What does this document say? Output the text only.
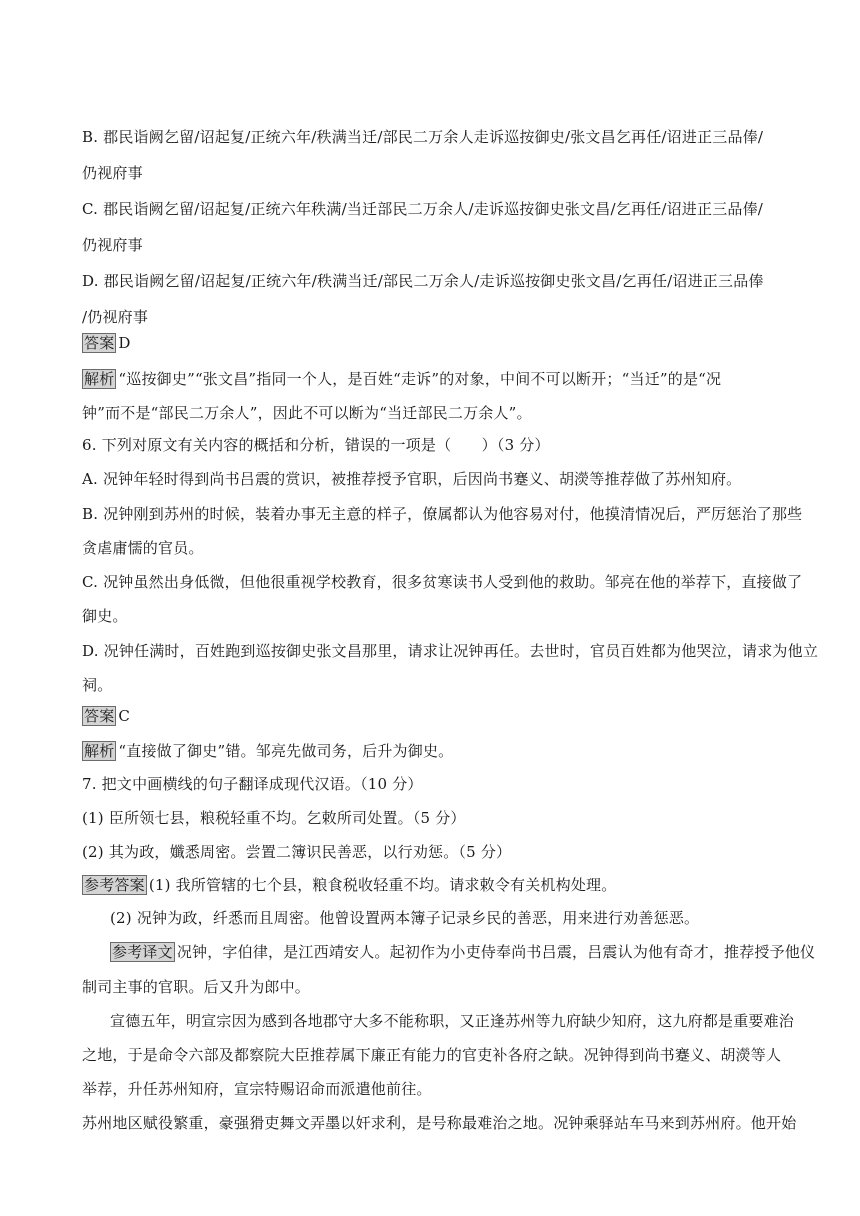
B. 郡民诣阙乞留/诏起复/正统六年/秩满当迁/部民二万余人走诉巡按御史/张文昌乞再任/诏进正三品俸/
仍视府事
C. 郡民诣阙乞留/诏起复/正统六年秩满/当迁部民二万余人/走诉巡按御史张文昌/乞再任/诏进正三品俸/
仍视府事
D. 郡民诣阙乞留/诏起复/正统六年/秩满当迁/部民二万余人/走诉巡按御史张文昌/乞再任/诏进正三品俸
/仍视府事
答案 D
解析 “巡按御史”“张文昌”指同一个人，是百姓“走诉”的对象，中间不可以断开；“当迁”的是“况
钟”而不是“部民二万余人”，因此不可以断为“当迁部民二万余人”。
6. 下列对原文有关内容的概括和分析，错误的一项是（　　）（3 分）
A. 况钟年轻时得到尚书吕震的赏识，被推荐授予官职，后因尚书蹇义、胡濙等推荐做了苏州知府。
B. 况钟刚到苏州的时候，装着办事无主意的样子，僚属都认为他容易对付，他摸清情况后，严厉惩治了那些
贪虐庸懦的官员。
C. 况钟虽然出身低微，但他很重视学校教育，很多贫寒读书人受到他的救助。邹亮在他的举荐下，直接做了
御史。
D. 况钟任满时，百姓跑到巡按御史张文昌那里，请求让况钟再任。去世时，官员百姓都为他哭泣，请求为他立
祠。
答案 C
解析 “直接做了御史”错。邹亮先做司务，后升为御史。
7. 把文中画横线的句子翻译成现代汉语。（10 分）
(1) 臣所领七县，粮税轻重不均。乞敕所司处置。（5 分）
(2) 其为政，孅悉周密。尝置二簿识民善恶，以行劝惩。（5 分）
参考答案 (1) 我所管辖的七个县，粮食税收轻重不均。请求敕令有关机构处理。
(2) 况钟为政，纤悉而且周密。他曾设置两本簿子记录乡民的善恶，用来进行劝善惩恶。
参考译文 况钟，字伯律，是江西靖安人。起初作为小吏侍奉尚书吕震，吕震认为他有奇才，推荐授予他仪
制司主事的官职。后又升为郎中。
宣德五年，明宣宗因为感到各地郡守大多不能称职，又正逢苏州等九府缺少知府，这九府都是重要难治
之地，于是命令六部及都察院大臣推荐属下廉正有能力的官吏补各府之缺。况钟得到尚书蹇义、胡濙等人
举荐，升任苏州知府，宣宗特赐诏命而派遣他前往。
苏州地区赋役繁重，豪强猾吏舞文弄墨以奸求利，是号称最难治之地。况钟乘驿站车马来到苏州府。他开始
